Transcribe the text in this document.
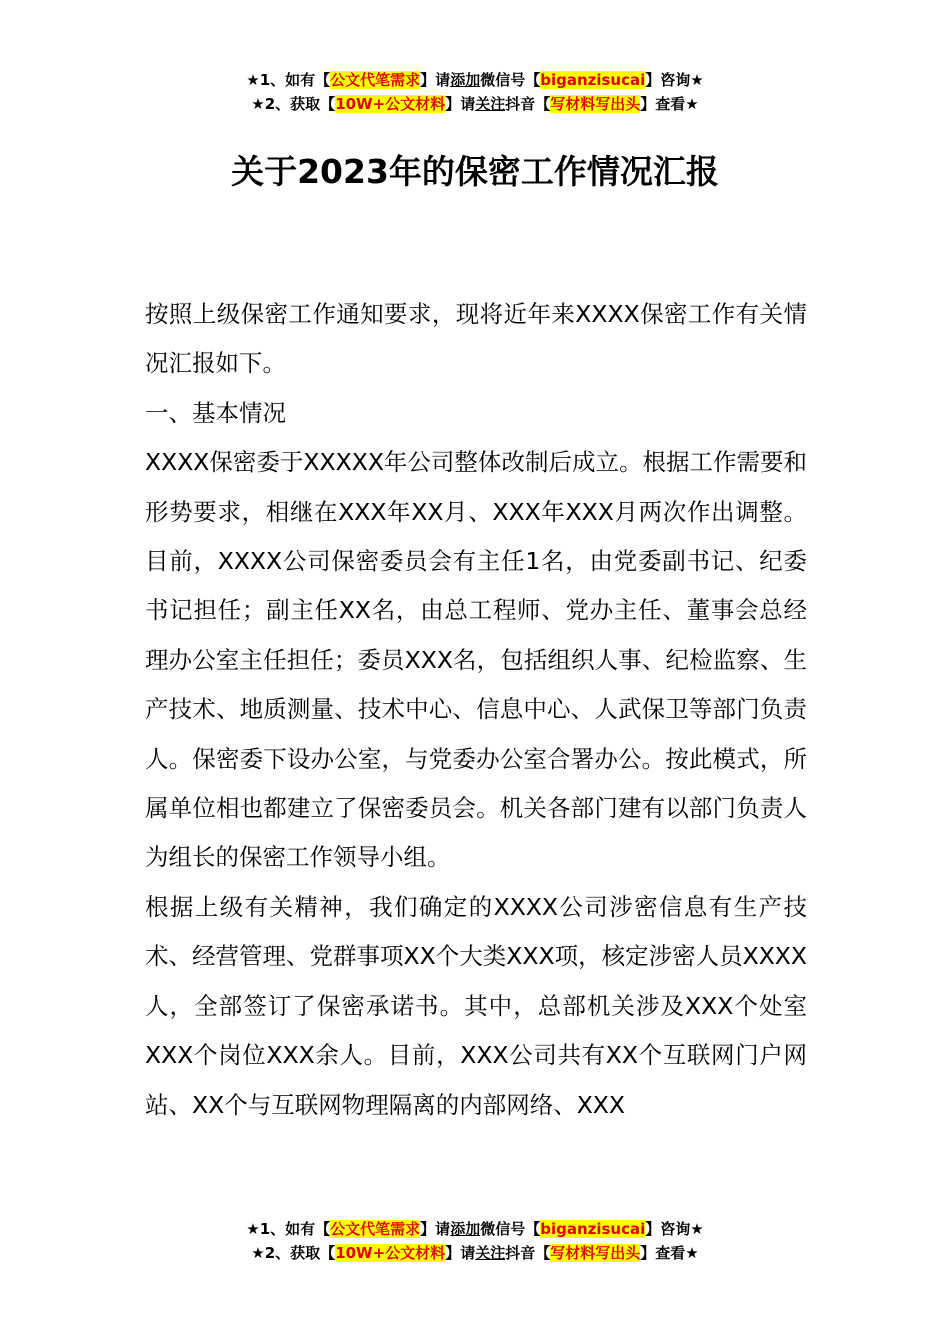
★1、如有【公文代笔需求】请添加微信号【biganzisucai】咨询★
★2、获取【10W+公文材料】请关注抖音【写材料写出头】查看★
关于2023年的保密工作情况汇报

按照上级保密工作通知要求，现将近年来XXXX保密工作有关情况汇报如下。

一、基本情况

XXXX保密委于XXXXX年公司整体改制后成立。根据工作需要和形势要求，相继在XXX年XX月、XXX年XXX月两次作出调整。目前，XXXX公司保密委员会有主任1名，由党委副书记、纪委书记担任；副主任XX名，由总工程师、党办主任、董事会总经理办公室主任担任；委员XXX名，包括组织人事、纪检监察、生产技术、地质测量、技术中心、信息中心、人武保卫等部门负责人。保密委下设办公室，与党委办公室合署办公。按此模式，所属单位相也都建立了保密委员会。机关各部门建有以部门负责人为组长的保密工作领导小组。

根据上级有关精神，我们确定的XXXX公司涉密信息有生产技术、经营管理、党群事项XX个大类XXX项，核定涉密人员XXXX人，全部签订了保密承诺书。其中，总部机关涉及XXX个处室XXX个岗位XXX余人。目前，XXX公司共有XX个互联网门户网站、XX个与互联网物理隔离的内部网络、XXX

★1、如有【公文代笔需求】请添加微信号【biganzisucai】咨询★
★2、获取【10W+公文材料】请关注抖音【写材料写出头】查看★
